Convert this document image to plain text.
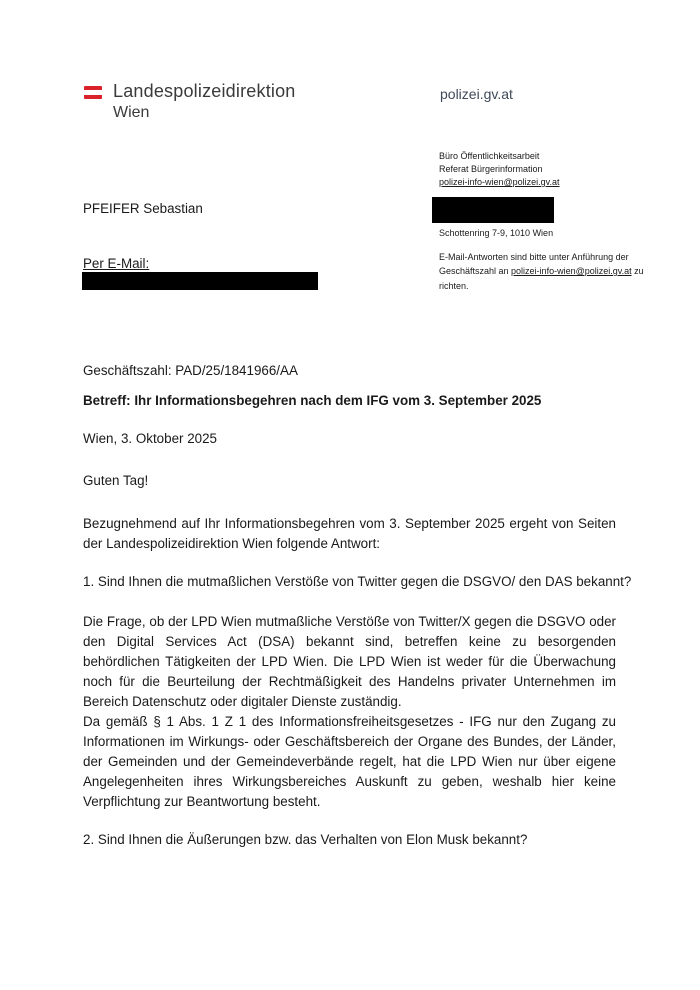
Landespolizeidirektion
Wien
polizei.gv.at
Büro Öffentlichkeitsarbeit
Referat Bürgerinformation
polizei-info-wien@polizei.gv.at
Schottenring 7-9, 1010 Wien
E-Mail-Antworten sind bitte unter Anführung der
Geschäftszahl an polizei-info-wien@polizei.gv.at zu
richten.
PFEIFER Sebastian
Per E-Mail:
Geschäftszahl: PAD/25/1841966/AA
Betreff: Ihr Informationsbegehren nach dem IFG vom 3. September 2025
Wien, 3. Oktober 2025
Guten Tag!
Bezugnehmend auf Ihr Informationsbegehren vom 3. September 2025 ergeht von Seiten der Landespolizeidirektion Wien folgende Antwort:
1. Sind Ihnen die mutmaßlichen Verstöße von Twitter gegen die DSGVO/ den DAS bekannt?
Die Frage, ob der LPD Wien mutmaßliche Verstöße von Twitter/X gegen die DSGVO oder den Digital Services Act (DSA) bekannt sind, betreffen keine zu besorgenden behördlichen Tätigkeiten der LPD Wien. Die LPD Wien ist weder für die Überwachung noch für die Beurteilung der Rechtmäßigkeit des Handelns privater Unternehmen im Bereich Datenschutz oder digitaler Dienste zuständig.
Da gemäß § 1 Abs. 1 Z 1 des Informationsfreiheitsgesetzes - IFG nur den Zugang zu Informationen im Wirkungs- oder Geschäftsbereich der Organe des Bundes, der Länder, der Gemeinden und der Gemeindeverbände regelt, hat die LPD Wien nur über eigene Angelegenheiten ihres Wirkungsbereiches Auskunft zu geben, weshalb hier keine Verpflichtung zur Beantwortung besteht.
2. Sind Ihnen die Äußerungen bzw. das Verhalten von Elon Musk bekannt?
